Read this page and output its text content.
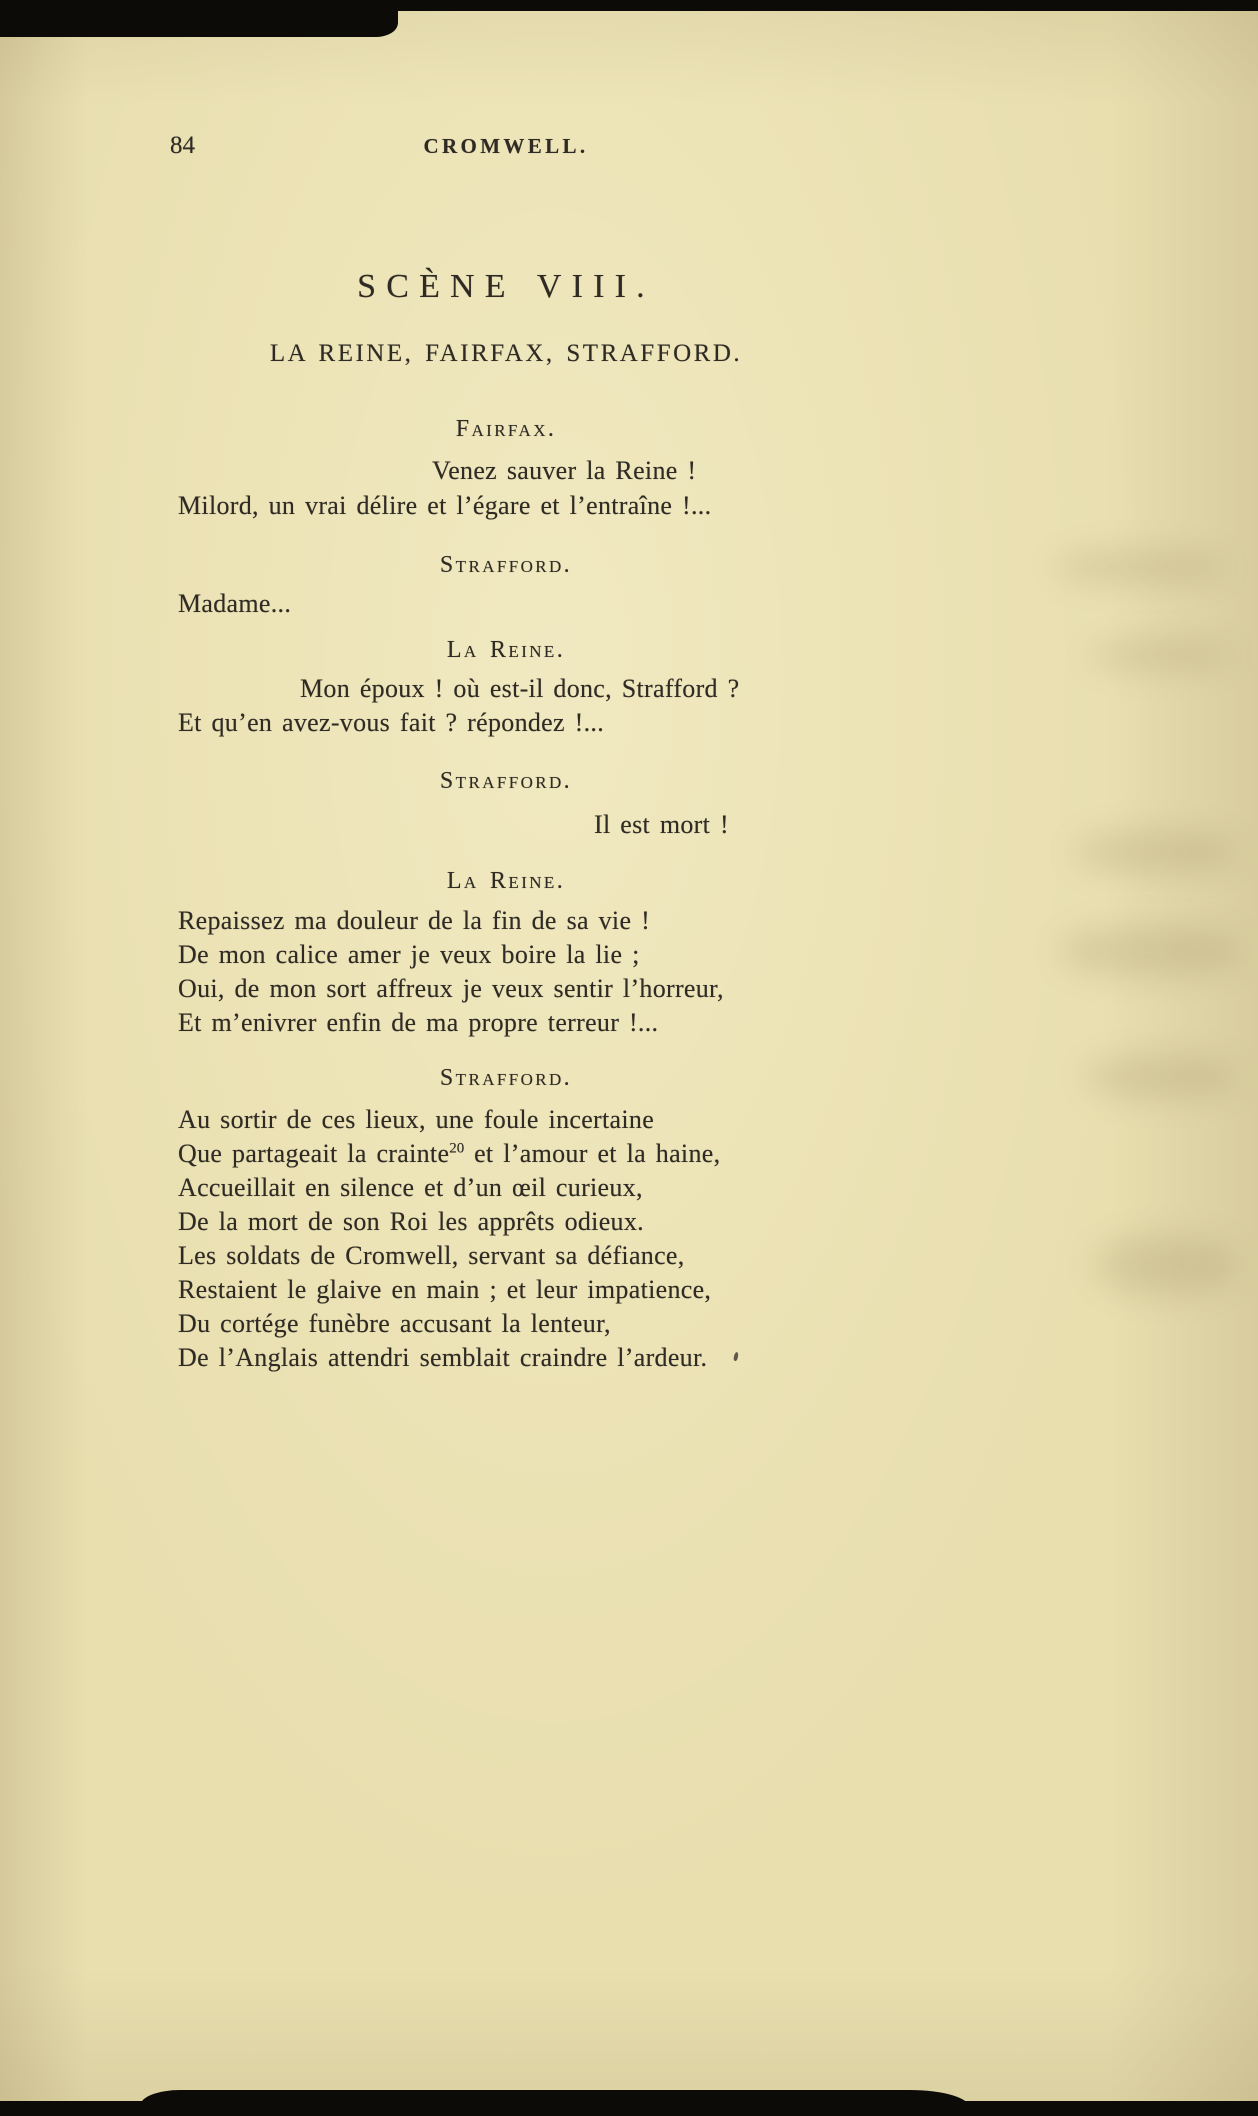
84	CROMWELL.
SCÈNE VIII.
LA REINE, FAIRFAX, STRAFFORD.
Fairfax.
Venez sauver la Reine !
Milord, un vrai délire et l’égare et l’entraîne !...
Strafford.
Madame...
La Reine.
Mon époux ! où est-il donc, Strafford ?
Et qu’en avez-vous fait ? répondez !...
Strafford.
Il est mort !
La Reine.
Repaissez ma douleur de la fin de sa vie !
De mon calice amer je veux boire la lie ;
Oui, de mon sort affreux je veux sentir l’horreur,
Et m’enivrer enfin de ma propre terreur !...
Strafford.
Au sortir de ces lieux, une foule incertaine
Que partageait la crainte$^{20}$ et l’amour et la haine,
Accueillait en silence et d’un œil curieux,
De la mort de son Roi les apprêts odieux.
Les soldats de Cromwell, servant sa défiance,
Restaient le glaive en main ; et leur impatience,
Du cortége funèbre accusant la lenteur,
De l’Anglais attendri semblait craindre l’ardeur.
